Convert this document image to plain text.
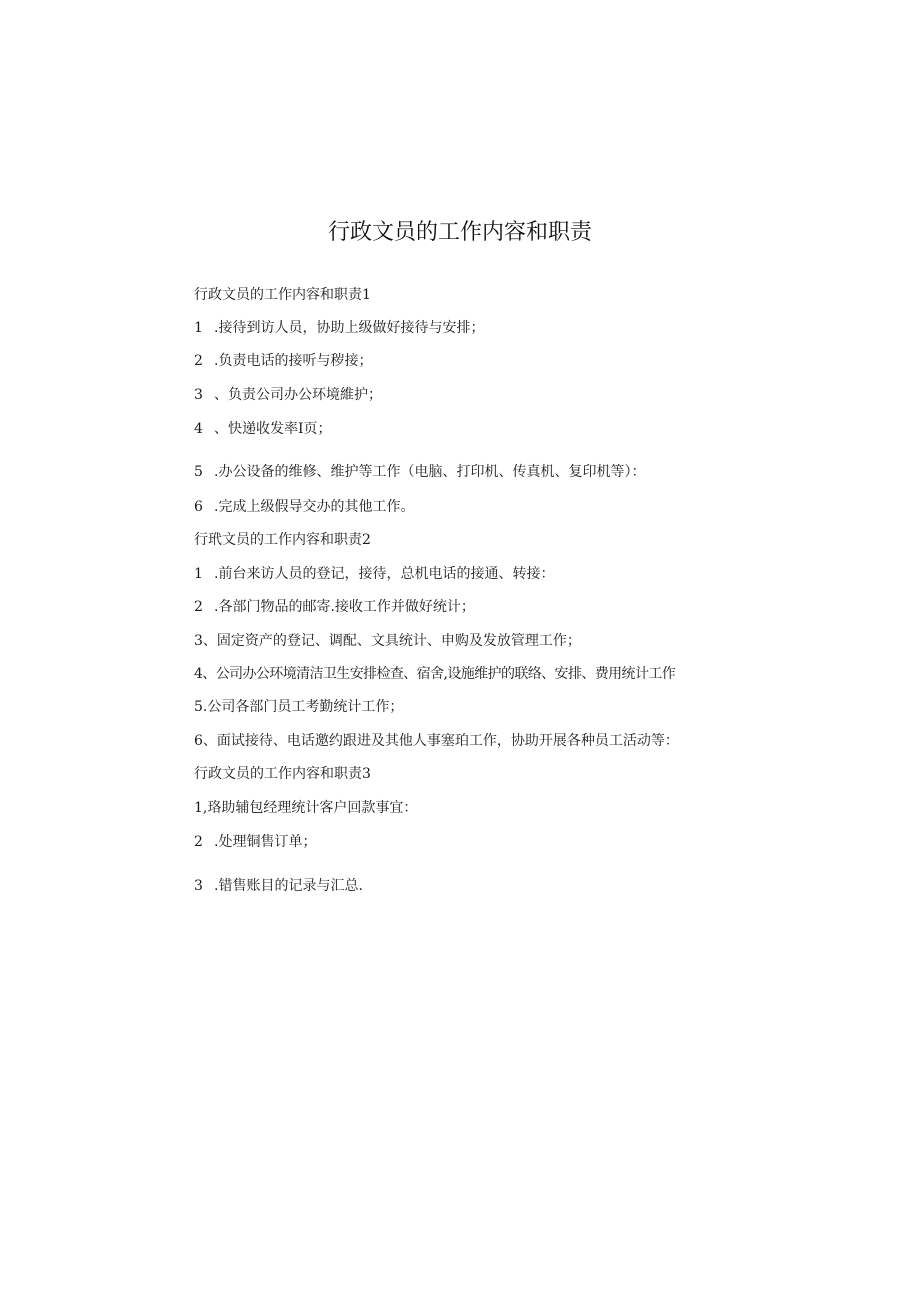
行政文员的工作内容和职责

行政文员的工作内容和职责1

1 .接待到访人员，协助上级做好接待与安排；

2 .负责电话的接听与秽接；

3 、负责公司办公环境維护；

4 、快递收发率I页；

5 .办公设备的维修、维护等工作（电脑、打印机、传真机、复印机等）：

6 .完成上级假导交办的其他工作。

行玳文员的工作内容和职责2

1 .前台来访人员的登记，接待，总机电话的接通、转接：

2 .各部门物品的邮寄.接收工作并做好统计；

3、固定资产的登记、调配、文具统计、申购及发放管理工作；

4、公司办公环境清洁卫生安排检查、宿舍,设施维护的联络、安排、费用统计工作

5.公司各部门员工考勤统计工作；

6、面试接待、电话邀约跟进及其他人事塞珀工作，协助开展各种员工活动等：

行政文员的工作内容和职责3

1,珞助辅包经理统计客户回款事宜：

2 .处理铜售订单；

3 .错售账目的记录与汇总.
